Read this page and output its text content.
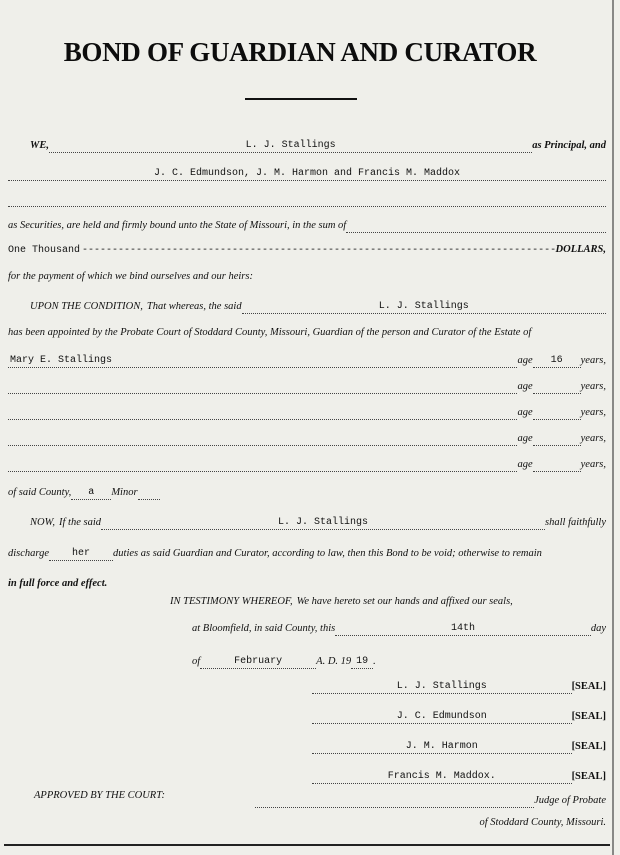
BOND OF GUARDIAN AND CURATOR
WE,	L. J. Stallings	as Principal, and
J. C. Edmundson, J. M. Harmon and Francis M. Maddox
as Securities, are held and firmly bound unto the State of Missouri, in the sum of
One Thousand
-----	DOLLARS,
for the payment of which we bind ourselves and our heirs:
UPON THE CONDITION, That whereas, the said	L. J. Stallings
has been appointed by the Probate Court of Stoddard County, Missouri, Guardian of the person and Curator of the Estate of
Mary E. Stallings	age	16	years,
age	years,
age	years,
age	years,
age	years,
of said County,	a	Minor
NOW, If the said	L. J. Stallings	shall faithfully
discharge	her	duties as said Guardian and Curator, according to law, then this Bond to be void; otherwise to remain
in full force and effect.
IN TESTIMONY WHEREOF, We have hereto set our hands and affixed our seals,
at Bloomfield, in said County, this	14th	day
of	February	A. D. 19 19 .
L. J. Stallings	[SEAL]
J. C. Edmundson	[SEAL]
J. M. Harmon	[SEAL]
Francis M. Maddox.	[SEAL]
APPROVED BY THE COURT:	Judge of Probate
of Stoddard County, Missouri.
